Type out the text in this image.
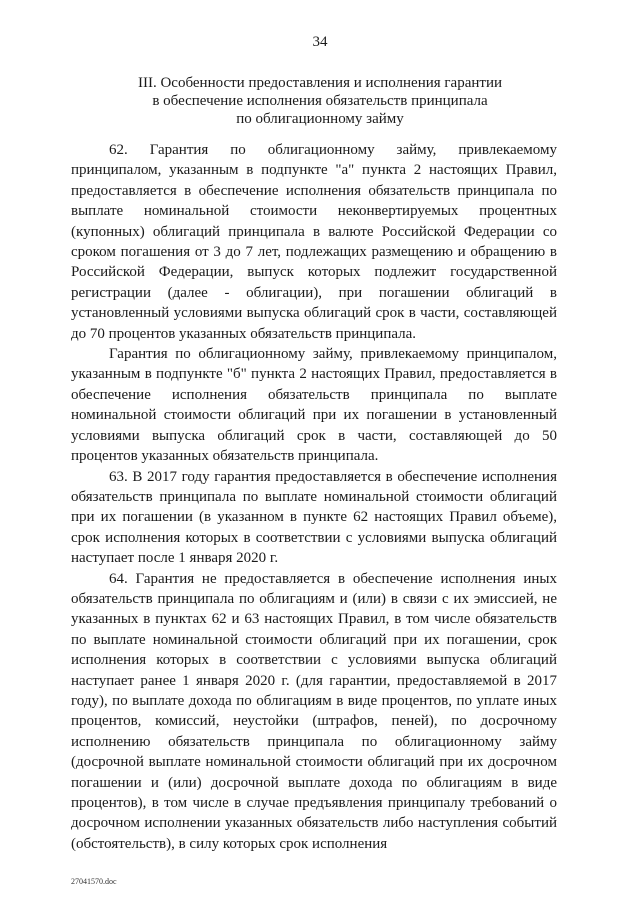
34
III. Особенности предоставления и исполнения гарантии
в обеспечение исполнения обязательств принципала
по облигационному займу

62. Гарантия по облигационному займу, привлекаемому принципалом, указанным в подпункте "а" пункта 2 настоящих Правил, предоставляется в обеспечение исполнения обязательств принципала по выплате номинальной стоимости неконвертируемых процентных (купонных) облигаций принципала в валюте Российской Федерации со сроком погашения от 3 до 7 лет, подлежащих размещению и обращению в Российской Федерации, выпуск которых подлежит государственной регистрации (далее - облигации), при погашении облигаций в установленный условиями выпуска облигаций срок в части, составляющей до 70 процентов указанных обязательств принципала.

Гарантия по облигационному займу, привлекаемому принципалом, указанным в подпункте "б" пункта 2 настоящих Правил, предоставляется в обеспечение исполнения обязательств принципала по выплате номинальной стоимости облигаций при их погашении в установленный условиями выпуска облигаций срок в части, составляющей до 50 процентов указанных обязательств принципала.

63. В 2017 году гарантия предоставляется в обеспечение исполнения обязательств принципала по выплате номинальной стоимости облигаций при их погашении (в указанном в пункте 62 настоящих Правил объеме), срок исполнения которых в соответствии с условиями выпуска облигаций наступает после 1 января 2020 г.

64. Гарантия не предоставляется в обеспечение исполнения иных обязательств принципала по облигациям и (или) в связи с их эмиссией, не указанных в пунктах 62 и 63 настоящих Правил, в том числе обязательств по выплате номинальной стоимости облигаций при их погашении, срок исполнения которых в соответствии с условиями выпуска облигаций наступает ранее 1 января 2020 г. (для гарантии, предоставляемой в 2017 году), по выплате дохода по облигациям в виде процентов, по уплате иных процентов, комиссий, неустойки (штрафов, пеней), по досрочному исполнению обязательств принципала по облигационному займу (досрочной выплате номинальной стоимости облигаций при их досрочном погашении и (или) досрочной выплате дохода по облигациям в виде процентов), в том числе в случае предъявления принципалу требований о досрочном исполнении указанных обязательств либо наступления событий (обстоятельств), в силу которых срок исполнения

27041570.doc
